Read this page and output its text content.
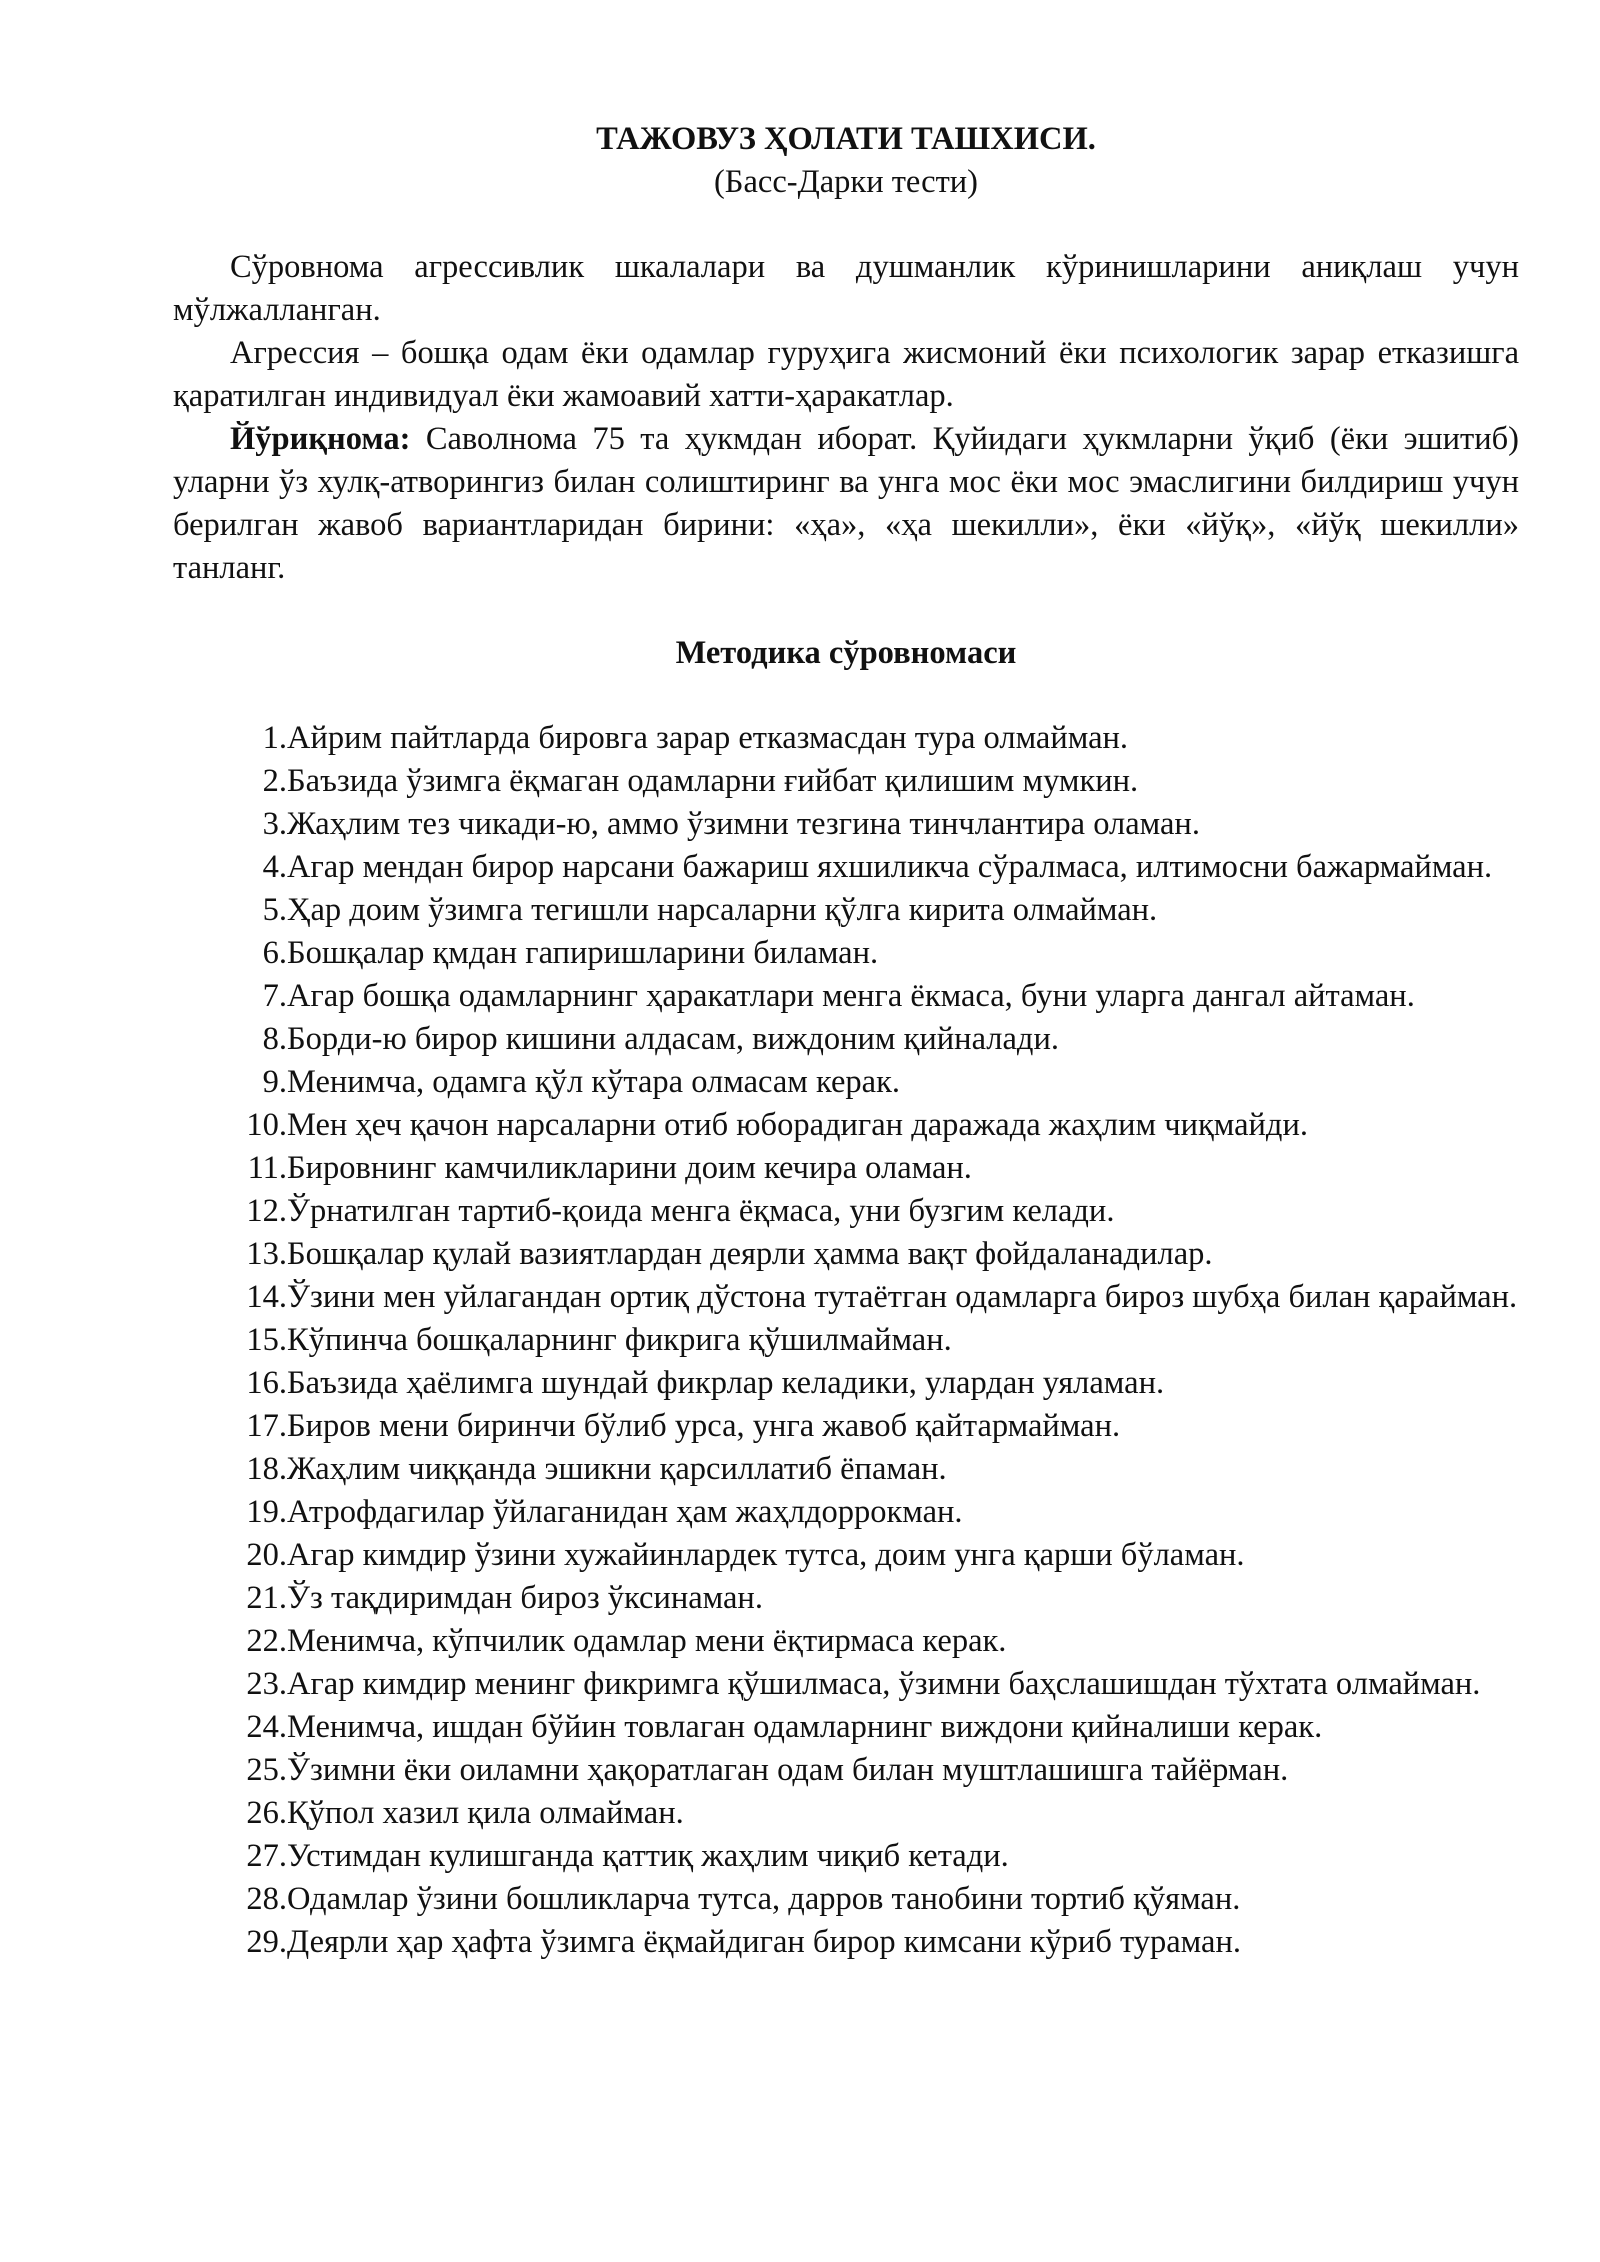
ТАЖОВУЗ ҲОЛАТИ ТАШХИСИ.

(Басс-Дарки тести)

Сўровнома агрессивлик шкалалари ва душманлик кўринишларини аниқлаш учун мўлжалланган.

Агрессия – бошқа одам ёки одамлар гуруҳига жисмоний ёки психологик зарар етказишга қаратилган индивидуал ёки жамоавий хатти-ҳаракатлар.

Йўриқнома: Саволнома 75 та ҳукмдан иборат. Қуйидаги ҳукмларни ўқиб (ёки эшитиб) уларни ўз хулқ-атворингиз билан солиштиринг ва унга мос ёки мос эмаслигини билдириш учун берилган жавоб вариантларидан бирини: «ҳа», «ҳа шекилли», ёки «йўқ», «йўқ шекилли» танланг.

Методика сўровномаси

1. Айрим пайтларда бировга зарар етказмасдан тура олмайман.
2. Баъзида ўзимга ёқмаган одамларни ғийбат қилишим мумкин.
3. Жаҳлим тез чикади-ю, аммо ўзимни тезгина тинчлантира оламан.
4. Агар мендан бирор нарсани бажариш яхшиликча сўралмаса, илтимосни бажармайман.
5. Ҳар доим ўзимга тегишли нарсаларни қўлга кирита олмайман.
6. Бошқалар қмдан гапиришларини биламан.
7. Агар бошқа одамларнинг ҳаракатлари менга ёкмаса, буни уларга дангал айтаман.
8. Борди-ю бирор кишини алдасам, виждоним қийналади.
9. Менимча, одамга қўл кўтара олмасам керак.
10. Мен ҳеч қачон нарсаларни отиб юборадиган даражада жаҳлим чиқмайди.
11. Бировнинг камчиликларини доим кечира оламан.
12. Ўрнатилган тартиб-қоида менга ёқмаса, уни бузгим келади.
13. Бошқалар қулай вазиятлардан деярли ҳамма вақт фойдаланадилар.
14. Ўзини мен уйлагандан ортиқ дўстона тутаётган одамларга бироз шубҳа билан қарайман.
15. Кўпинча бошқаларнинг фикрига қўшилмайман.
16. Баъзида ҳаёлимга шундай фикрлар келадики, улардан уяламан.
17. Биров мени биринчи бўлиб урса, унга жавоб қайтармайман.
18. Жаҳлим чиққанда эшикни қарсиллатиб ёпаман.
19. Атрофдагилар ўйлаганидан ҳам жаҳлдоррокман.
20. Агар кимдир ўзини хужайинлардек тутса, доим унга қарши бўламан.
21. Ўз тақдиримдан бироз ўксинаман.
22. Менимча, кўпчилик одамлар мени ёқтирмаса керак.
23. Агар кимдир менинг фикримга қўшилмаса, ўзимни баҳслашишдан тўхтата олмайман.
24. Менимча, ишдан бўйин товлаган одамларнинг виждони қийналиши керак.
25. Ўзимни ёки оиламни ҳақоратлаган одам билан муштлашишга тайёрман.
26. Қўпол хазил қила олмайман.
27. Устимдан кулишганда қаттиқ жаҳлим чиқиб кетади.
28. Одамлар ўзини бошликларча тутса, дарров танобини тортиб қўяман.
29. Деярли ҳар ҳафта ўзимга ёқмайдиган бирор кимсани кўриб тураман.
